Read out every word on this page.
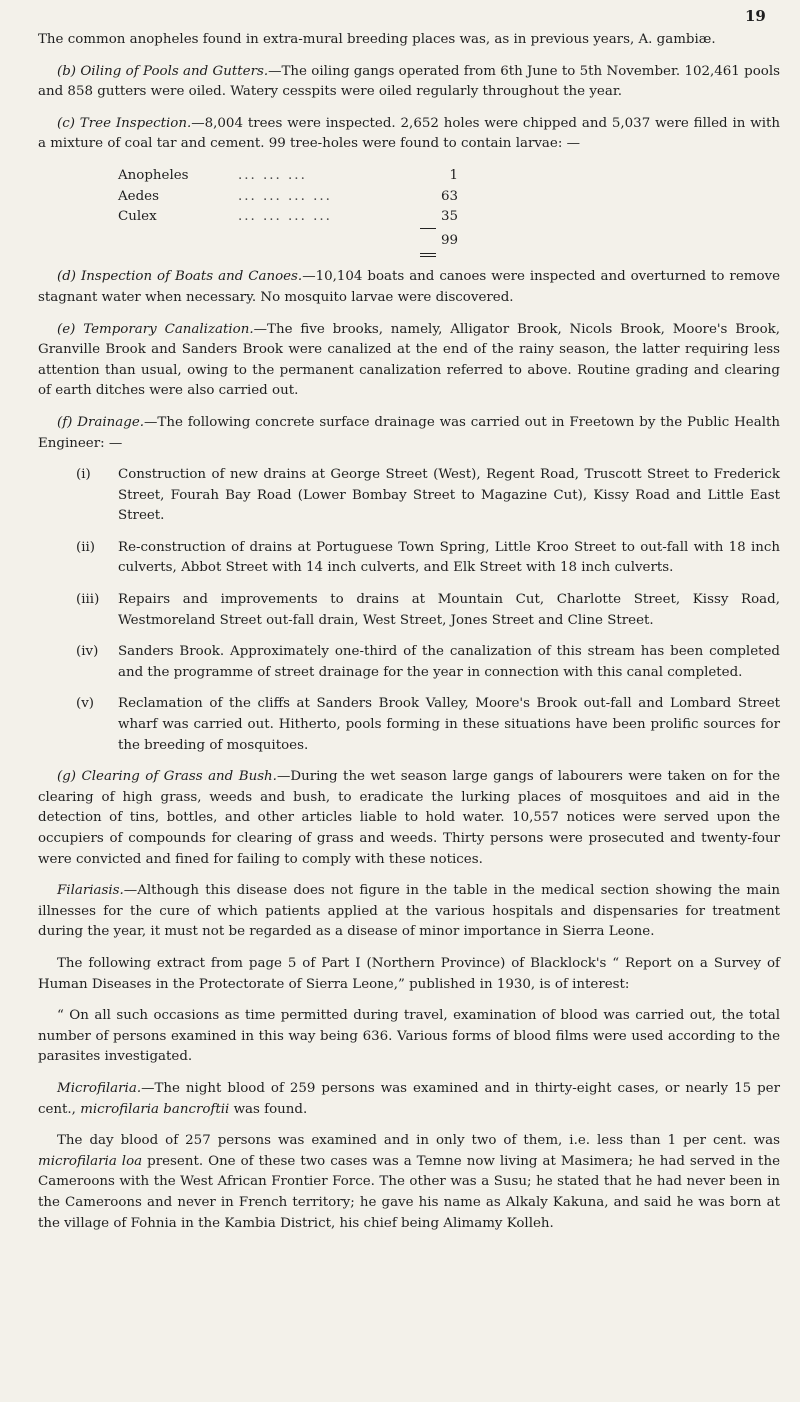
19

The common anopheles found in extra-mural breeding places was, as in previous years, A. gambiæ.

(b) Oiling of Pools and Gutters.—The oiling gangs operated from 6th June to 5th November. 102,461 pools and 858 gutters were oiled. Watery cesspits were oiled regularly throughout the year.

(c) Tree Inspection.—8,004 trees were inspected. 2,652 holes were chipped and 5,037 were filled in with a mixture of coal tar and cement. 99 tree-holes were found to contain larvae: —

Anopheles	... ... ...	1
Aedes	... ... ... ...	63
Culex	... ... ... ...	35
99

(d) Inspection of Boats and Canoes.—10,104 boats and canoes were inspected and overturned to remove stagnant water when necessary. No mosquito larvae were discovered.

(e) Temporary Canalization.—The five brooks, namely, Alligator Brook, Nicols Brook, Moore's Brook, Granville Brook and Sanders Brook were canalized at the end of the rainy season, the latter requiring less attention than usual, owing to the permanent canalization referred to above. Routine grading and clearing of earth ditches were also carried out.

(f) Drainage.—The following concrete surface drainage was carried out in Freetown by the Public Health Engineer: —

(i)	Construction of new drains at George Street (West), Regent Road, Truscott Street to Frederick Street, Fourah Bay Road (Lower Bombay Street to Magazine Cut), Kissy Road and Little East Street.
(ii)	Re-construction of drains at Portuguese Town Spring, Little Kroo Street to out-fall with 18 inch culverts, Abbot Street with 14 inch culverts, and Elk Street with 18 inch culverts.
(iii)	Repairs and improvements to drains at Mountain Cut, Charlotte Street, Kissy Road, Westmoreland Street out-fall drain, West Street, Jones Street and Cline Street.
(iv)	Sanders Brook. Approximately one-third of the canalization of this stream has been completed and the programme of street drainage for the year in connection with this canal completed.
(v)	Reclamation of the cliffs at Sanders Brook Valley, Moore's Brook out-fall and Lombard Street wharf was carried out. Hitherto, pools forming in these situations have been prolific sources for the breeding of mosquitoes.

(g) Clearing of Grass and Bush.—During the wet season large gangs of labourers were taken on for the clearing of high grass, weeds and bush, to eradicate the lurking places of mosquitoes and aid in the detection of tins, bottles, and other articles liable to hold water. 10,557 notices were served upon the occupiers of compounds for clearing of grass and weeds. Thirty persons were prosecuted and twenty-four were convicted and fined for failing to comply with these notices.

Filariasis.—Although this disease does not figure in the table in the medical section showing the main illnesses for the cure of which patients applied at the various hospitals and dispensaries for treatment during the year, it must not be regarded as a disease of minor importance in Sierra Leone.

The following extract from page 5 of Part I (Northern Province) of Blacklock's “ Report on a Survey of Human Diseases in the Protectorate of Sierra Leone,” published in 1930, is of interest:

“ On all such occasions as time permitted during travel, examination of blood was carried out, the total number of persons examined in this way being 636. Various forms of blood films were used according to the parasites investigated.

Microfilaria.—The night blood of 259 persons was examined and in thirty-eight cases, or nearly 15 per cent., microfilaria bancroftii was found.

The day blood of 257 persons was examined and in only two of them, i.e. less than 1 per cent. was microfilaria loa present. One of these two cases was a Temne now living at Masimera; he had served in the Cameroons with the West African Frontier Force. The other was a Susu; he stated that he had never been in the Cameroons and never in French territory; he gave his name as Alkaly Kakuna, and said he was born at the village of Fohnia in the Kambia District, his chief being Alimamy Kolleh.
